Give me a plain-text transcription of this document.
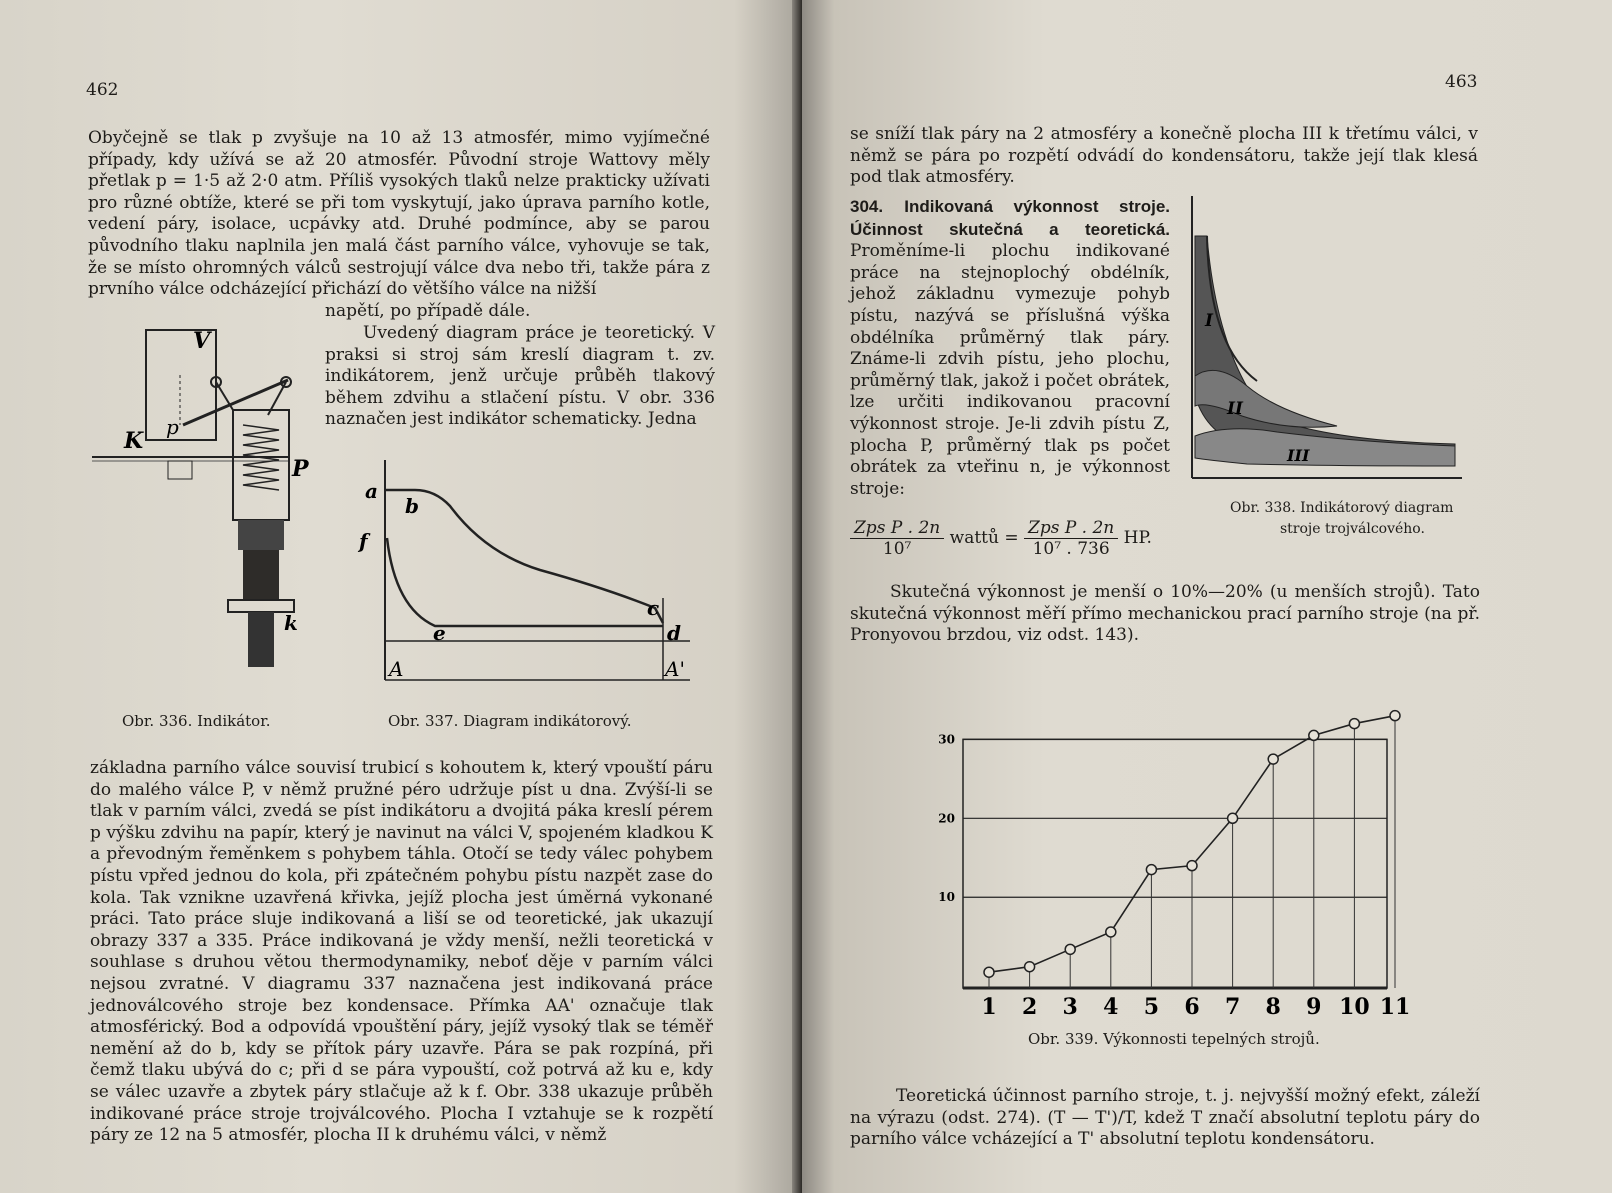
462

Obyčejně se tlak p zvyšuje na 10 až 13 atmosfér, mimo vyjímečné případy, kdy užívá se až 20 atmosfér. Původní stroje Wattovy měly přetlak p = 1·5 až 2·0 atm. Příliš vysokých tlaků nelze prakticky užívati pro různé obtíže, které se při tom vyskytují, jako úprava parního kotle, vedení páry, isolace, ucpávky atd. Druhé podmínce, aby se parou původního tlaku naplnila jen malá část parního válce, vyhovuje se tak, že se místo ohromných válců sestrojují válce dva nebo tři, takže pára z prvního válce odcházející přichází do většího válce na nižší

napětí, po případě dále.

Uvedený diagram práce je teoretický. V praksi si stroj sám kreslí diagram t. zv. indikátorem, jenž určuje průběh tlakový během zdvihu a stlačení pístu. V obr. 336 naznačen jest indikátor schematicky. Jedna

V
K
p
P
k
a
b
f
e
c
d
A	A'
Obr. 336. Indikátor.	Obr. 337. Diagram indikátorový.

základna parního válce souvisí trubicí s kohoutem k, který vpouští páru do malého válce P, v němž pružné péro udržuje píst u dna. Zvýší-li se tlak v parním válci, zvedá se píst indikátoru a dvojitá páka kreslí pérem p výšku zdvihu na papír, který je navinut na válci V, spojeném kladkou K a převodným řeměnkem s pohybem táhla. Otočí se tedy válec pohybem pístu vpřed jednou do kola, při zpátečném pohybu pístu nazpět zase do kola. Tak vznikne uzavřená křivka, jejíž plocha jest úměrná vykonané práci. Tato práce sluje indikovaná a liší se od teoretické, jak ukazují obrazy 337 a 335. Práce indikovaná je vždy menší, nežli teoretická v souhlase s druhou větou thermodynamiky, neboť děje v parním válci nejsou zvratné. V diagramu 337 naznačena jest indikovaná práce jednoválcového stroje bez kondensace. Přímka AA' označuje tlak atmosférický. Bod a odpovídá vpouštění páry, jejíž vysoký tlak se téměř nemění až do b, kdy se přítok páry uzavře. Pára se pak rozpíná, při čemž tlaku ubývá do c; při d se pára vypouští, což potrvá až ku e, kdy se válec uzavře a zbytek páry stlačuje až k f. Obr. 338 ukazuje průběh indikované práce stroje trojválcového. Plocha I vztahuje se k rozpětí páry ze 12 na 5 atmosfér, plocha II k druhému válci, v němž

463

se sníží tlak páry na 2 atmosféry a konečně plocha III k třetímu válci, v němž se pára po rozpětí odvádí do kondensátoru, takže její tlak klesá pod tlak atmosféry.

304. Indikovaná výkonnost stroje. Účinnost skutečná a teoretická. Proměníme-li plochu indikované práce na stejnoplochý obdélník, jehož základnu vymezuje pohyb pístu, nazývá se příslušná výška obdélníka průměrný tlak páry. Známe-li zdvih pístu, jeho plochu, průměrný tlak, jakož i počet obrátek, lze určiti indikovanou pracovní výkonnost stroje. Je-li zdvih pístu Z, plocha P, průměrný tlak ps počet obrátek za vteřinu n, je výkonnost stroje:
I
II
III
Obr. 338. Indikátorový diagram
stroje trojválcového.
$\frac{\text{Zps P . 2n}}{\text{10⁷}}$ wattů = $\frac{\text{Zps P . 2n}}{\text{10⁷ . 736}}$ HP.

Skutečná výkonnost je menší o 10%—20% (u menších strojů). Tato skutečná výkonnost měří přímo mechanickou prací parního stroje (na př. Pronyovou brzdou, viz odst. 143).

10
20
30
1 2 3 4 5 6 7 8 9 10 11
Obr. 339. Výkonnosti tepelných strojů.

Teoretická účinnost parního stroje, t. j. nejvyšší možný efekt, záleží na výrazu (odst. 274). (T — T')/T, kdež T značí absolutní teplotu páry do parního válce vcházející a T' absolutní teplotu kondensátoru.
